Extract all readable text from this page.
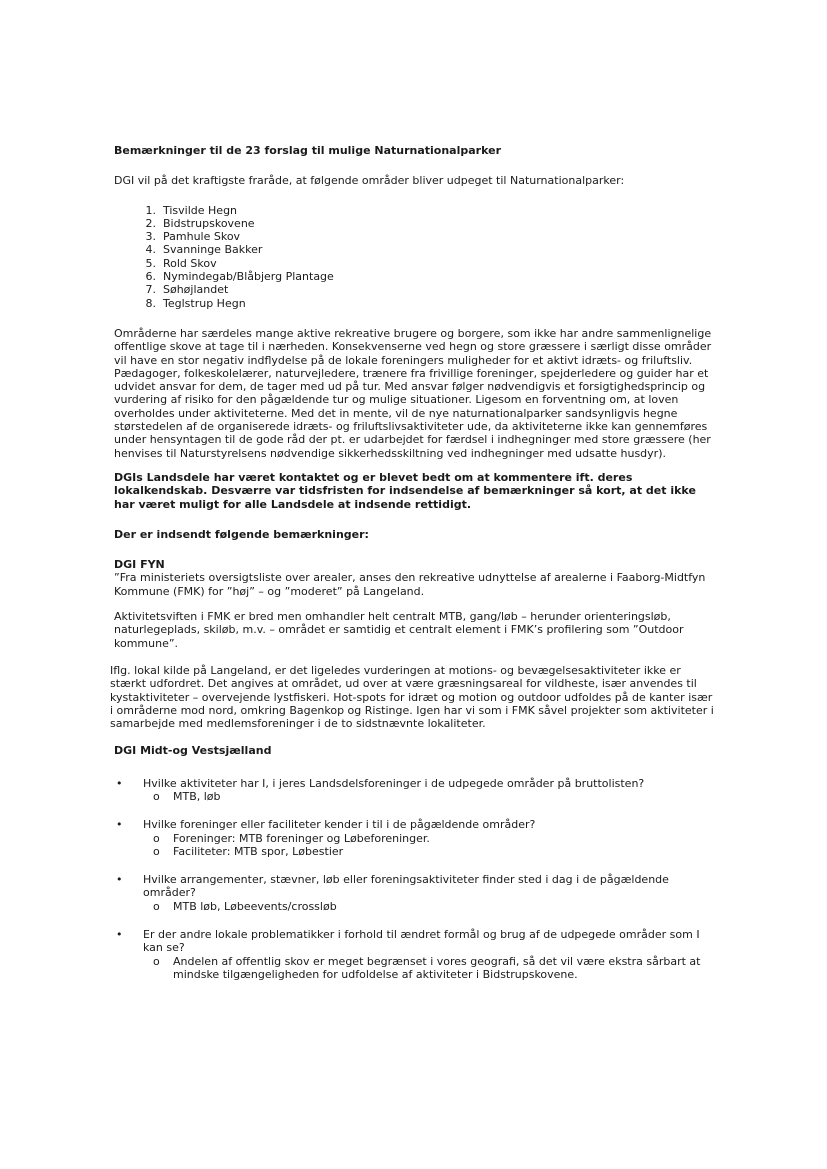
Bemærkninger til de 23 forslag til mulige Naturnationalparker

DGI vil på det kraftigste fraråde, at følgende områder bliver udpeget til Naturnationalparker:

1. Tisvilde Hegn
2. Bidstrupskovene
3. Pamhule Skov
4. Svanninge Bakker
5. Rold Skov
6. Nymindegab/Blåbjerg Plantage
7. Søhøjlandet
8. Teglstrup Hegn

Områderne har særdeles mange aktive rekreative brugere og borgere, som ikke har andre sammenlignelige offentlige skove at tage til i nærheden. Konsekvenserne ved hegn og store græssere i særligt disse områder vil have en stor negativ indflydelse på de lokale foreningers muligheder for et aktivt idræts- og friluftsliv.

Pædagoger, folkeskolelærer, naturvejledere, trænere fra frivillige foreninger, spejderledere og guider har et udvidet ansvar for dem, de tager med ud på tur. Med ansvar følger nødvendigvis et forsigtighedsprincip og vurdering af risiko for den pågældende tur og mulige situationer. Ligesom en forventning om, at loven overholdes under aktiviteterne. Med det in mente, vil de nye naturnationalparker sandsynligvis hegne størstedelen af de organiserede idræts- og friluftslivsaktiviteter ude, da aktiviteterne ikke kan gennemføres under hensyntagen til de gode råd der pt. er udarbejdet for færdsel i indhegninger med store græssere (her henvises til Naturstyrelsens nødvendige sikkerhedsskiltning ved indhegninger med udsatte husdyr).

DGIs Landsdele har været kontaktet og er blevet bedt om at kommentere ift. deres lokalkendskab. Desværre var tidsfristen for indsendelse af bemærkninger så kort, at det ikke har været muligt for alle Landsdele at indsende rettidigt.

Der er indsendt følgende bemærkninger:

DGI FYN

”Fra ministeriets oversigtsliste over arealer, anses den rekreative udnyttelse af arealerne i Faaborg-Midtfyn Kommune (FMK) for ”høj” – og ”moderet” på Langeland.

Aktivitetsviften i FMK er bred men omhandler helt centralt MTB, gang/løb – herunder orienteringsløb, naturlegeplads, skiløb, m.v. – området er samtidig et centralt element i FMK’s profilering som ”Outdoor kommune”.

Iflg. lokal kilde på Langeland, er det ligeledes vurderingen at motions- og bevægelsesaktiviteter ikke er stærkt udfordret. Det angives at området, ud over at være græsningsareal for vildheste, især anvendes til kystaktiviteter – overvejende lystfiskeri. Hot-spots for idræt og motion og outdoor udfoldes på de kanter især i områderne mod nord, omkring Bagenkop og Ristinge. Igen har vi som i FMK såvel projekter som aktiviteter i samarbejde med medlemsforeninger i de to sidstnævnte lokaliteter.

DGI Midt-og Vestsjælland

• Hvilke aktiviteter har I, i jeres Landsdelsforeninger i de udpegede områder på bruttolisten?
o MTB, løb
• Hvilke foreninger eller faciliteter kender i til i de pågældende områder?
o Foreninger: MTB foreninger og Løbeforeninger.
o Faciliteter: MTB spor, Løbestier
• Hvilke arrangementer, stævner, løb eller foreningsaktiviteter finder sted i dag i de pågældende områder?
o MTB løb, Løbeevents/crossløb
• Er der andre lokale problematikker i forhold til ændret formål og brug af de udpegede områder som I kan se?
o Andelen af offentlig skov er meget begrænset i vores geografi, så det vil være ekstra sårbart at mindske tilgængeligheden for udfoldelse af aktiviteter i Bidstrupskovene.
